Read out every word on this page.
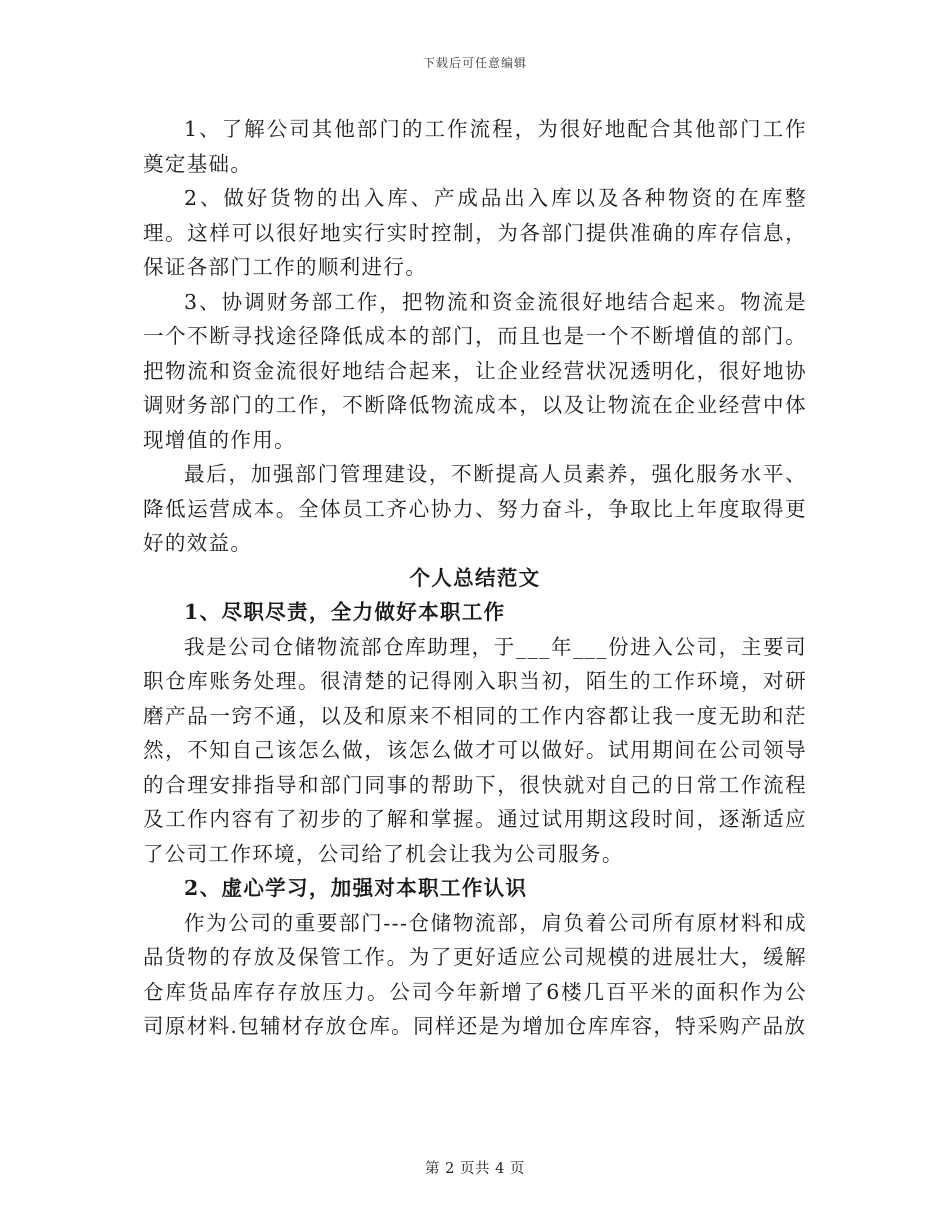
下载后可任意编辑

1、了解公司其他部门的工作流程，为很好地配合其他部门工作奠定基础。

2、做好货物的出入库、产成品出入库以及各种物资的在库整理。这样可以很好地实行实时控制，为各部门提供准确的库存信息，保证各部门工作的顺利进行。

3、协调财务部工作，把物流和资金流很好地结合起来。物流是一个不断寻找途径降低成本的部门，而且也是一个不断增值的部门。把物流和资金流很好地结合起来，让企业经营状况透明化，很好地协调财务部门的工作，不断降低物流成本，以及让物流在企业经营中体现增值的作用。

最后，加强部门管理建设，不断提高人员素养，强化服务水平、降低运营成本。全体员工齐心协力、努力奋斗，争取比上年度取得更好的效益。

个人总结范文

1、尽职尽责，全力做好本职工作

我是公司仓储物流部仓库助理，于___年___份进入公司，主要司职仓库账务处理。很清楚的记得刚入职当初，陌生的工作环境，对研磨产品一窍不通，以及和原来不相同的工作内容都让我一度无助和茫然，不知自己该怎么做，该怎么做才可以做好。试用期间在公司领导的合理安排指导和部门同事的帮助下，很快就对自己的日常工作流程及工作内容有了初步的了解和掌握。通过试用期这段时间，逐渐适应了公司工作环境，公司给了机会让我为公司服务。

2、虚心学习，加强对本职工作认识

作为公司的重要部门---仓储物流部，肩负着公司所有原材料和成品货物的存放及保管工作。为了更好适应公司规模的进展壮大，缓解仓库货品库存存放压力。公司今年新增了6楼几百平米的面积作为公司原材料.包辅材存放仓库。同样还是为增加仓库库容，特采购产品放

第 2 页共 4 页
